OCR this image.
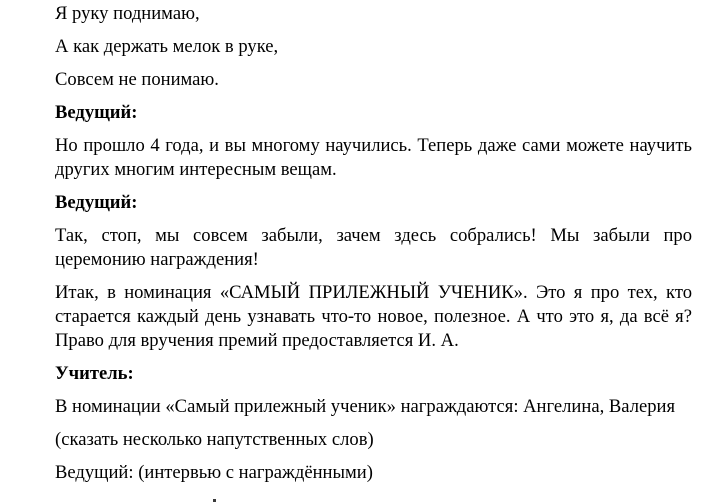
Я руку поднимаю,

А как держать мелок в руке,

Совсем не понимаю.

Ведущий:

Но прошло 4 года, и вы многому научились. Теперь даже сами можете научить
других многим интересным вещам.

Ведущий:

Так, стоп, мы совсем забыли, зачем здесь собрались! Мы забыли про
церемонию награждения!

Итак, в номинация «САМЫЙ ПРИЛЕЖНЫЙ УЧЕНИК». Это я про тех, кто
старается каждый день узнавать что-то новое, полезное. А что это я, да всё я?
Право для вручения премий предоставляется И. А.

Учитель:

В номинации «Самый прилежный ученик» награждаются: Ангелина, Валерия

(сказать несколько напутственных слов)

Ведущий: (интервью с награждёнными)
